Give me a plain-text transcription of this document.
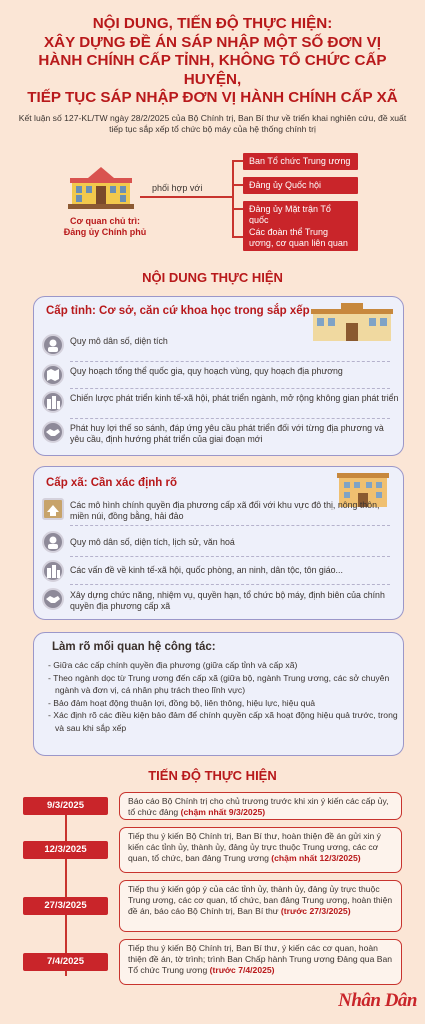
NỘI DUNG, TIẾN ĐỘ THỰC HIỆN:
XÂY DỰNG ĐỀ ÁN SÁP NHẬP MỘT SỐ ĐƠN VỊ
HÀNH CHÍNH CẤP TỈNH, KHÔNG TỔ CHỨC CẤP HUYỆN,
TIẾP TỤC SÁP NHẬP ĐƠN VỊ HÀNH CHÍNH CẤP XÃ
Kết luận số 127-KL/TW ngày 28/2/2025 của Bộ Chính trị, Ban Bí thư về triển khai nghiên cứu, đề xuất tiếp tục sắp xếp tổ chức bộ máy của hệ thống chính trị
Cơ quan chủ trì:
Đảng ủy Chính phủ
phối hợp với
Ban Tổ chức Trung ương
Đảng ủy Quốc hội
Đảng ủy Mặt trận Tổ quốc
Các đoàn thể Trung ương, cơ quan liên quan
NỘI DUNG THỰC HIỆN
Cấp tỉnh: Cơ sở, căn cứ khoa học trong sắp xếp
Quy mô dân số, diện tích
Quy hoạch tổng thể quốc gia, quy hoạch vùng, quy hoạch địa phương
Chiến lược phát triển kinh tế-xã hội, phát triển ngành, mở rộng không gian phát triển
Phát huy lợi thế so sánh, đáp ứng yêu cầu phát triển đối với từng địa phương và yêu cầu, định hướng phát triển của giai đoạn mới
Cấp xã: Cần xác định rõ
Các mô hình chính quyền địa phương cấp xã đối với khu vực đô thị, nông thôn, miền núi, đồng bằng, hải đảo
Quy mô dân số, diện tích, lịch sử, văn hoá
Các vấn đề về kinh tế-xã hội, quốc phòng, an ninh, dân tộc, tôn giáo...
Xây dựng chức năng, nhiệm vụ, quyền hạn, tổ chức bộ máy, định biên của chính quyền địa phương cấp xã
Làm rõ mối quan hệ công tác:
- Giữa các cấp chính quyền địa phương (giữa cấp tỉnh và cấp xã)
- Theo ngành dọc từ Trung ương đến cấp xã (giữa bộ, ngành Trung ương, các sở chuyên ngành và đơn vị, cá nhân phụ trách theo lĩnh vực)
- Bảo đảm hoạt động thuận lợi, đồng bộ, liên thông, hiệu lực, hiệu quả
- Xác định rõ các điều kiện bảo đảm để chính quyền cấp xã hoạt động hiệu quả trước, trong và sau khi sắp xếp
TIẾN ĐỘ THỰC HIỆN
9/3/2025	Báo cáo Bộ Chính trị cho chủ trương trước khi xin ý kiến các cấp ủy, tổ chức đảng (chậm nhất 9/3/2025)
12/3/2025
Tiếp thu ý kiến Bộ Chính trị, Ban Bí thư, hoàn thiện đề án gửi xin ý kiến các tỉnh ủy, thành ủy, đảng ủy trực thuộc Trung ương, các cơ quan, tổ chức, ban đảng Trung ương (chậm nhất 12/3/2025)
27/3/2025
Tiếp thu ý kiến góp ý của các tỉnh ủy, thành ủy, đảng ủy trực thuộc Trung ương, các cơ quan, tổ chức, ban đảng Trung ương, hoàn thiện đề án, báo cáo Bộ Chính trị, Ban Bí thư (trước 27/3/2025)
7/4/2025
Tiếp thu ý kiến Bộ Chính trị, Ban Bí thư, ý kiến các cơ quan, hoàn thiện đề án, tờ trình; trình Ban Chấp hành Trung ương Đảng qua Ban Tổ chức Trung ương (trước 7/4/2025)
Nhân Dân
